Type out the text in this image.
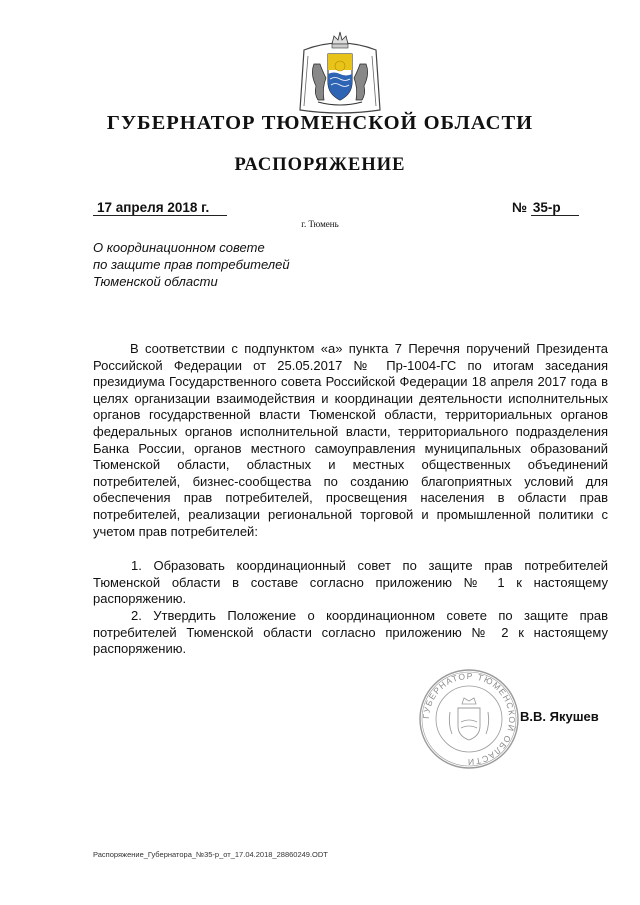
ГУБЕРНАТОР ТЮМЕНСКОЙ ОБЛАСТИ
РАСПОРЯЖЕНИЕ
17 апреля 2018 г.	№ 35-р
г. Тюмень
О координационном совете
по защите прав потребителей
Тюменской области
В соответствии с подпунктом «а» пункта 7 Перечня поручений Президента Российской Федерации от 25.05.2017 № Пр-1004-ГС по итогам заседания президиума Государственного совета Российской Федерации 18 апреля 2017 года в целях организации взаимодействия и координации деятельности исполнительных органов государственной власти Тюменской области, территориальных органов федеральных органов исполнительной власти, территориального подразделения Банка России, органов местного самоуправления муниципальных образований Тюменской области, областных и местных общественных объединений потребителей, бизнес-сообщества по созданию благоприятных условий для обеспечения прав потребителей, просвещения населения в области прав потребителей, реализации региональной торговой и промышленной политики с учетом прав потребителей:
1. Образовать координационный совет по защите прав потребителей Тюменской области в составе согласно приложению № 1 к настоящему распоряжению.
2. Утвердить Положение о координационном совете по защите прав потребителей Тюменской области согласно приложению № 2 к настоящему распоряжению.
ГУБЕРНАТОР ТЮМЕНСКОЙ ОБЛАСТИ
В.В. Якушев
Распоряжение_Губернатора_№35-р_от_17.04.2018_28860249.ODT
